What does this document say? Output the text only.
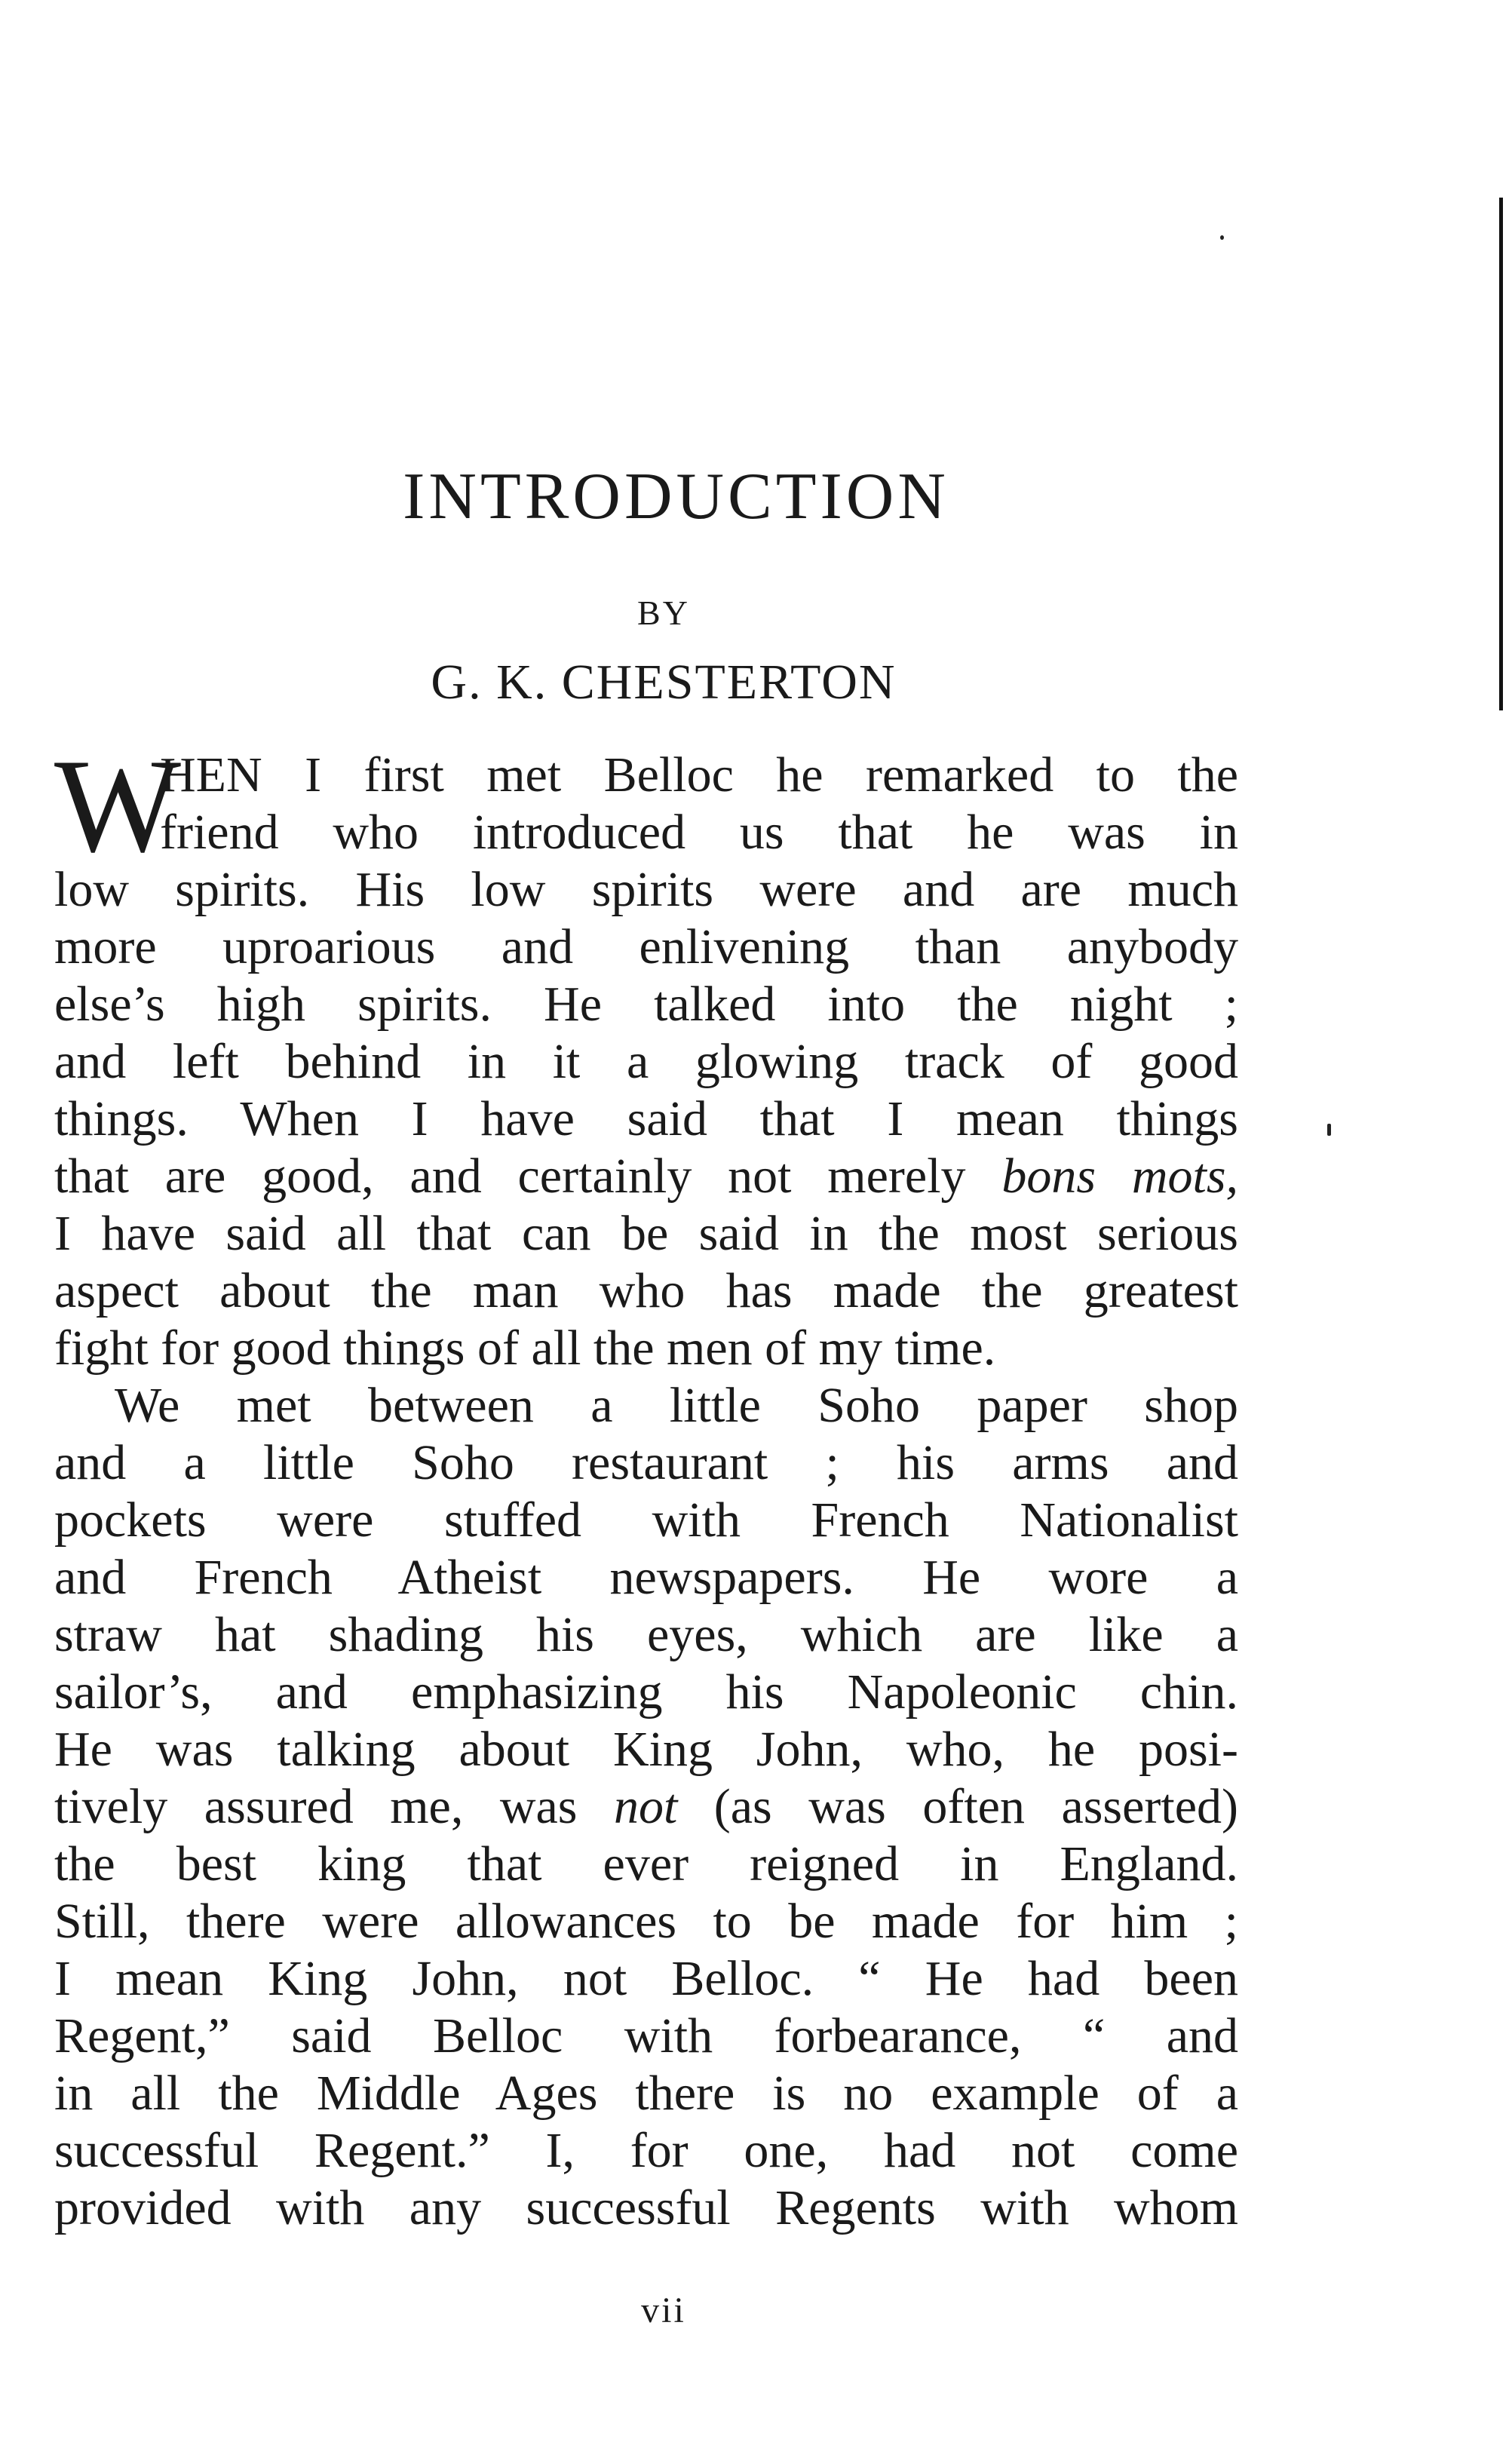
INTRODUCTION
BY
G. K. CHESTERTON
W
HEN I first met Belloc he remarked to the
friend who introduced us that he was in
low spirits. His low spirits were and are much
more uproarious and enlivening than anybody
else’s high spirits. He talked into the night ;
and left behind in it a glowing track of good
things. When I have said that I mean things
that are good, and certainly not merely bons mots,
I have said all that can be said in the most serious
aspect about the man who has made the greatest
fight for good things of all the men of my time.
We met between a little Soho paper shop
and a little Soho restaurant ; his arms and
pockets were stuffed with French Nationalist
and French Atheist newspapers. He wore a
straw hat shading his eyes, which are like a
sailor’s, and emphasizing his Napoleonic chin.
He was talking about King John, who, he posi-
tively assured me, was not (as was often asserted)
the best king that ever reigned in England.
Still, there were allowances to be made for him ;
I mean King John, not Belloc. “ He had been
Regent,” said Belloc with forbearance, “ and
in all the Middle Ages there is no example of a
successful Regent.” I, for one, had not come
provided with any successful Regents with whom
vii
